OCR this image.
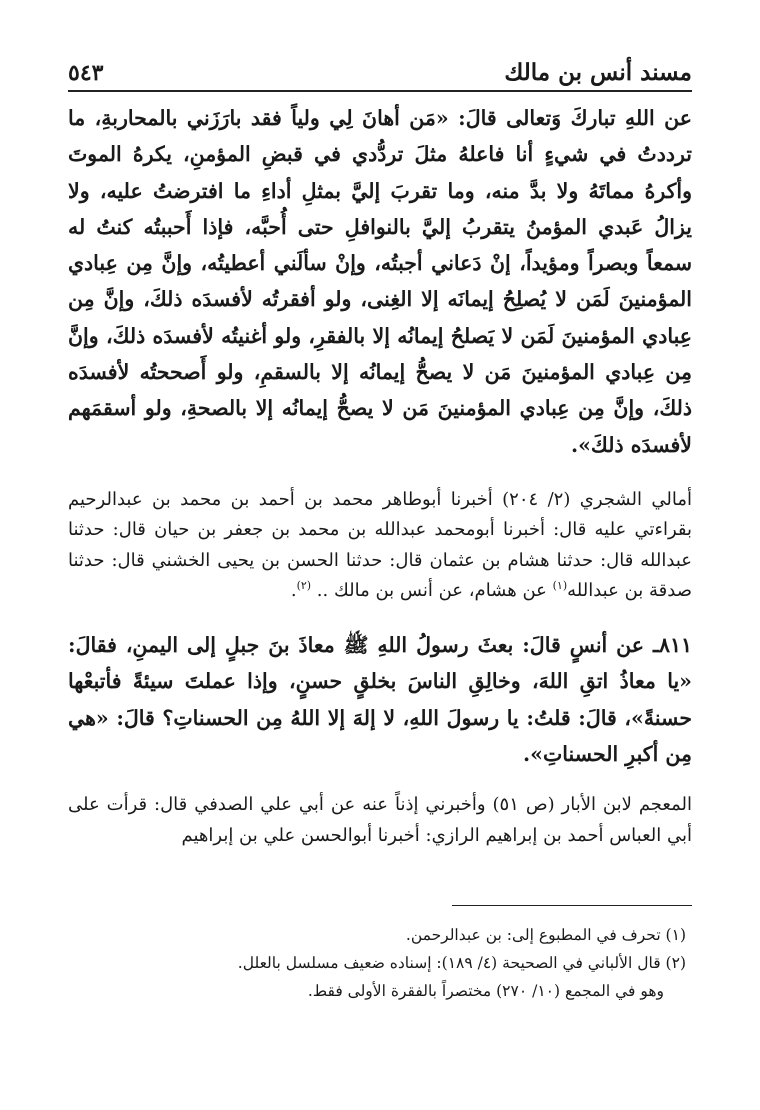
مسند أنس بن مالك
٥٤٣

عن اللهِ تباركَ وَتعالى قالَ: «مَن أهانَ لِي ولياً فقد بارَزَني بالمحاربةِ، ما ترددتُ في شيءٍ أنا فاعلهُ مثلَ تردُّدي في قبضِ المؤمنِ، يكرهُ الموتَ وأكرهُ مماتَهُ ولا بدَّ منه، وما تقربَ إليَّ بمثلِ أداءِ ما افترضتُ عليه، ولا يزالُ عَبدي المؤمنُ يتقربُ إليَّ بالنوافلِ حتى أُحبَّه، فإذا أَحببتُه كنتُ له سمعاً وبصراً ومؤيداً، إنْ دَعاني أجبتُه، وإنْ سألَني أعطيتُه، وإنَّ مِن عِبادي المؤمنينَ لَمَن لا يُصلِحُ إيمانَه إلا الغِنى، ولو أفقرتُه لأفسدَه ذلكَ، وإنَّ مِن عِبادي المؤمنينَ لَمَن لا يَصلحُ إيمانُه إلا بالفقرِ، ولو أغنيتُه لأفسدَه ذلكَ، وإنَّ مِن عِبادي المؤمنينَ مَن لا يصحُّ إيمانُه إلا بالسقمِ، ولو أَصححتُه لأفسدَه ذلكَ، وإنَّ مِن عِبادي المؤمنينَ مَن لا يصحُّ إيمانُه إلا بالصحةِ، ولو أسقمَهم لأفسدَه ذلكَ».

أمالي الشجري (٢/ ٢٠٤) أخبرنا أبوطاهر محمد بن أحمد بن محمد بن عبدالرحيم بقراءتي عليه قال: أخبرنا أبومحمد عبدالله بن محمد بن جعفر بن حيان قال: حدثنا عبدالله قال: حدثنا هشام بن عثمان قال: حدثنا الحسن بن يحيى الخشني قال: حدثنا صدقة بن عبدالله$^{(١)}$ عن هشام، عن أنس بن مالك .. $^{(٢)}$.

٨١١ـ عن أنسٍ قالَ: بعثَ رسولُ اللهِ ﷺ معاذَ بنَ جبلٍ إلى اليمنِ، فقالَ: «يا معاذُ اتقِ اللهَ، وخالِقِ الناسَ بخلقٍ حسنٍ، وإذا عملتَ سيئةً فأتبعْها حسنةً»، قالَ: قلتُ: يا رسولَ اللهِ، لا إلهَ إلا اللهُ مِن الحسناتِ؟ قالَ: «هي مِن أكبرِ الحسناتِ».

المعجم لابن الأبار (ص ٥١) وأخبرني إذناً عنه عن أبي علي الصدفي قال: قرأت على أبي العباس أحمد بن إبراهيم الرازي: أخبرنا أبوالحسن علي بن إبراهيم

(١) تحرف في المطبوع إلى: بن عبدالرحمن.

(٢) قال الألباني في الصحيحة (٤/ ١٨٩): إسناده ضعيف مسلسل بالعلل.

وهو في المجمع (١٠/ ٢٧٠) مختصراً بالفقرة الأولى فقط.
